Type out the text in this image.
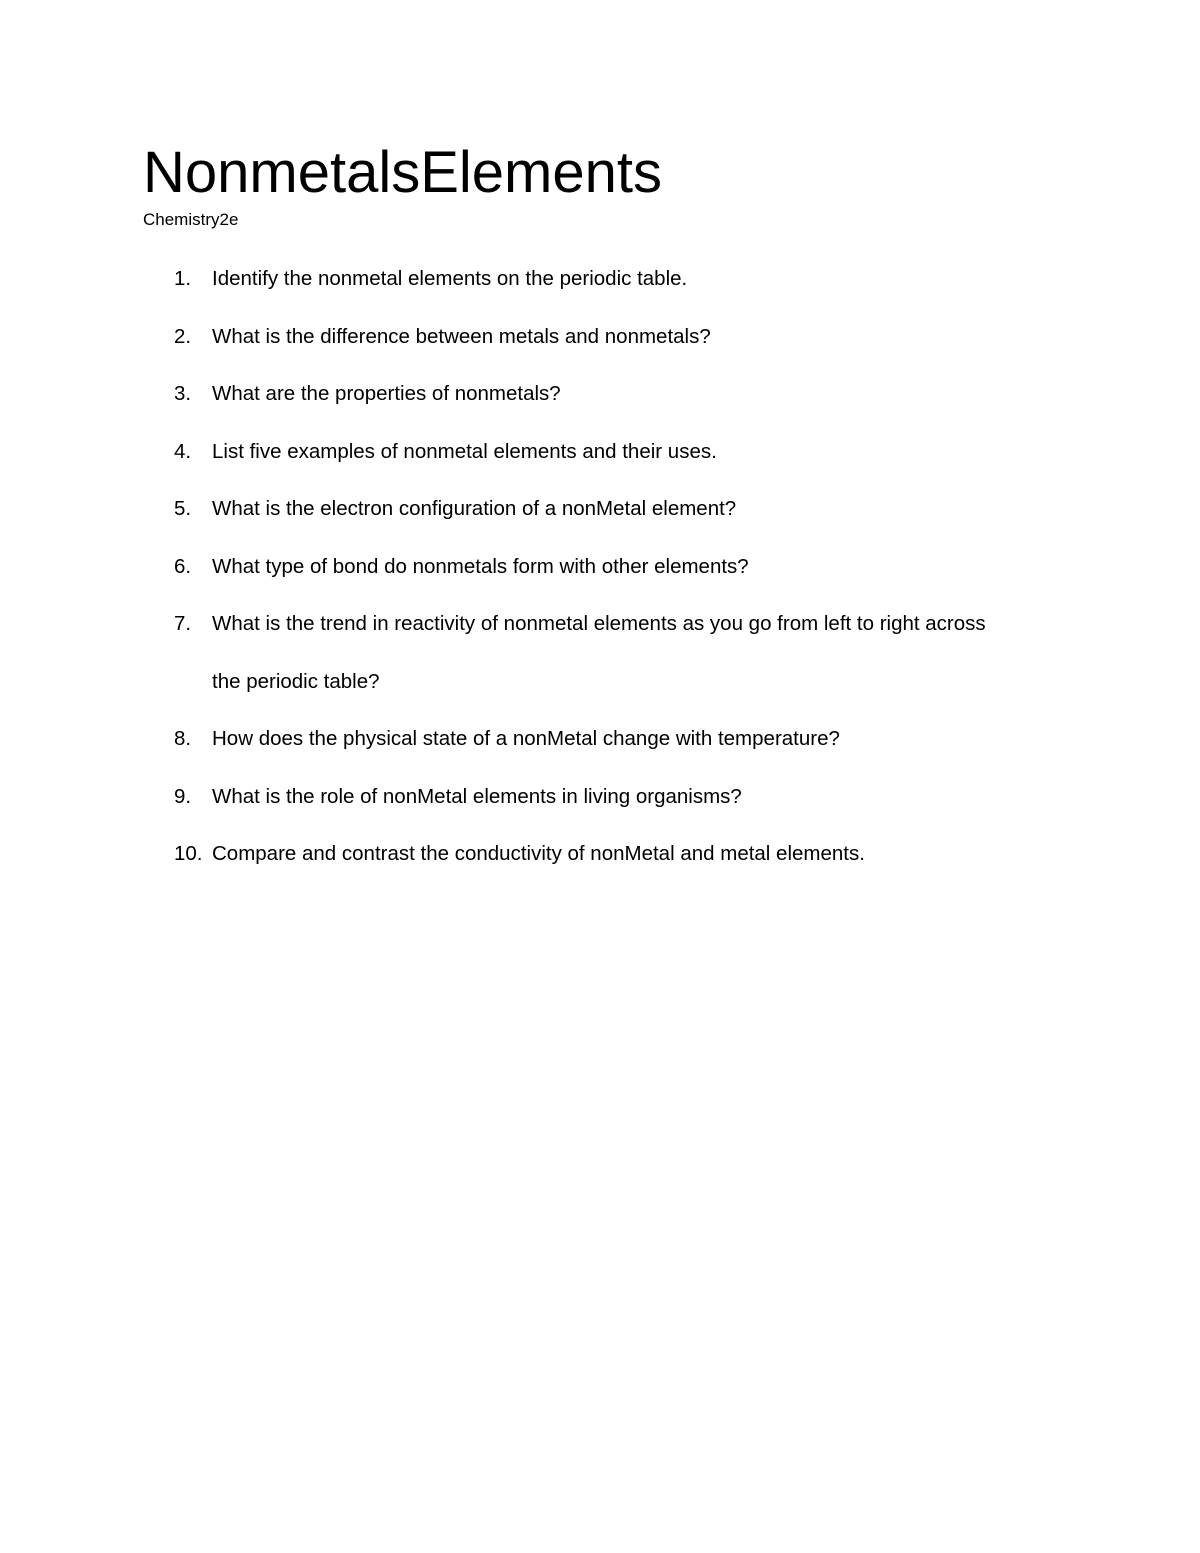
NonmetalsElements
Chemistry2e
1. Identify the nonmetal elements on the periodic table.
2. What is the difference between metals and nonmetals?
3. What are the properties of nonmetals?
4. List five examples of nonmetal elements and their uses.
5. What is the electron configuration of a nonMetal element?
6. What type of bond do nonmetals form with other elements?
7. What is the trend in reactivity of nonmetal elements as you go from left to right across
the periodic table?
8. How does the physical state of a nonMetal change with temperature?
9. What is the role of nonMetal elements in living organisms?
10. Compare and contrast the conductivity of nonMetal and metal elements.
